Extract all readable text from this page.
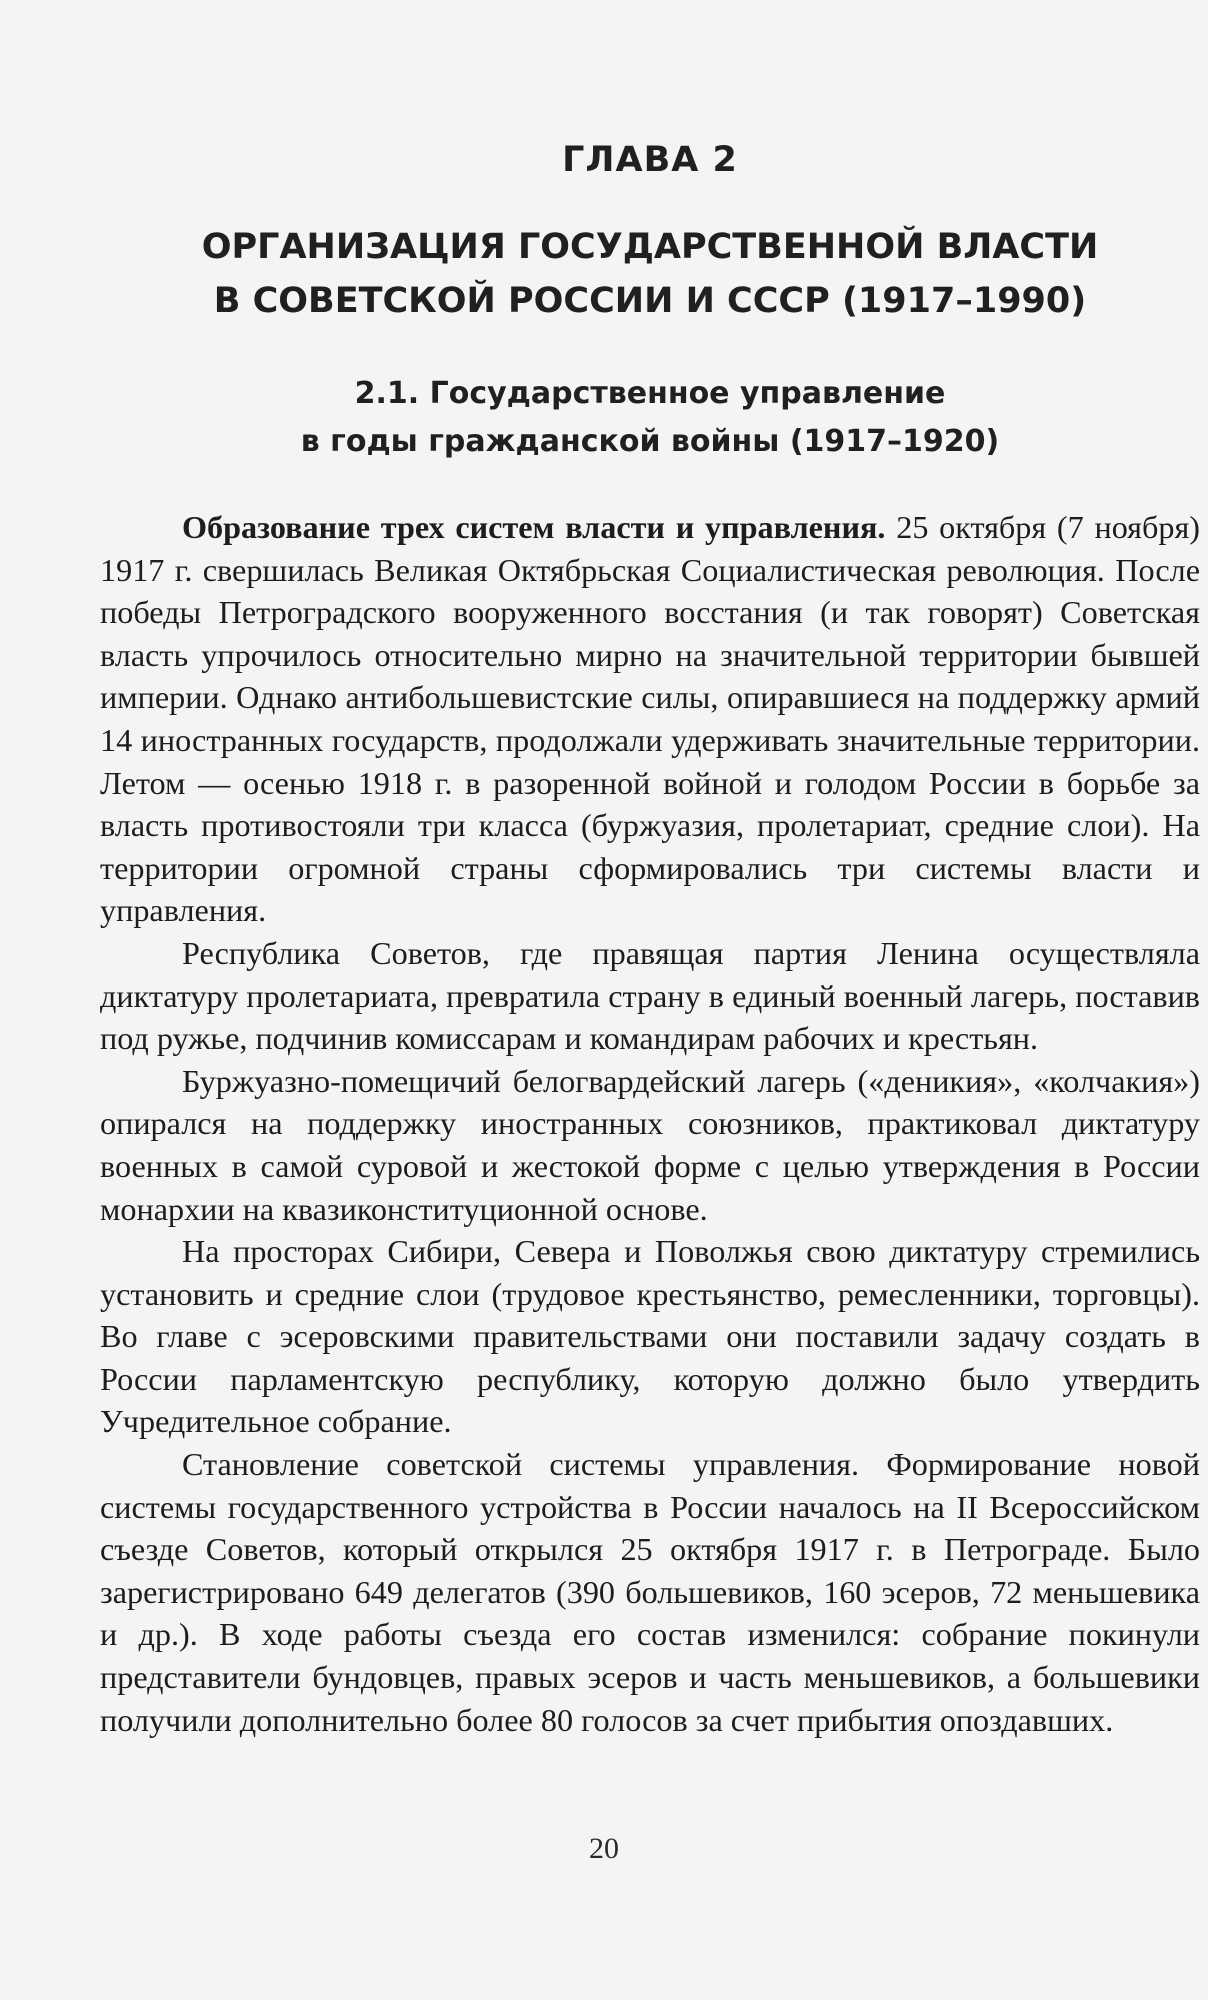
ГЛАВА 2
ОРГАНИЗАЦИЯ ГОСУДАРСТВЕННОЙ ВЛАСТИ
В СОВЕТСКОЙ РОССИИ И СССР (1917–1990)
2.1. Государственное управление
в годы гражданской войны (1917–1920)

Образование трех систем власти и управления. 25 октября (7 ноября) 1917 г. свершилась Великая Октябрьская Социалистическая революция. После победы Петроградского вооруженного восстания (и так говорят) Советская власть упрочилось относительно мирно на значительной территории бывшей империи. Однако антибольшевистские силы, опиравшиеся на поддержку армий 14 иностранных государств, продолжали удерживать значительные территории. Летом — осенью 1918 г. в разоренной войной и голодом России в борьбе за власть противостояли три класса (буржуазия, пролетариат, средние слои). На территории огромной страны сформировались три системы власти и управления.

Республика Советов, где правящая партия Ленина осуществляла диктатуру пролетариата, превратила страну в единый военный лагерь, поставив под ружье, подчинив комиссарам и командирам рабочих и крестьян.

Буржуазно-помещичий белогвардейский лагерь («деникия», «колчакия») опирался на поддержку иностранных союзников, практиковал диктатуру военных в самой суровой и жестокой форме с целью утверждения в России монархии на квазиконституционной основе.

На просторах Сибири, Севера и Поволжья свою диктатуру стремились установить и средние слои (трудовое крестьянство, ремесленники, торговцы). Во главе с эсеровскими правительствами они поставили задачу создать в России парламентскую республику, которую должно было утвердить Учредительное собрание.

Становление советской системы управления. Формирование новой системы государственного устройства в России началось на II Всероссийском съезде Советов, который открылся 25 октября 1917 г. в Петрограде. Было зарегистрировано 649 делегатов (390 большевиков, 160 эсеров, 72 меньшевика и др.). В ходе работы съезда его состав изменился: собрание покинули представители бундовцев, правых эсеров и часть меньшевиков, а большевики получили дополнительно более 80 голосов за счет прибытия опоздавших.

20
